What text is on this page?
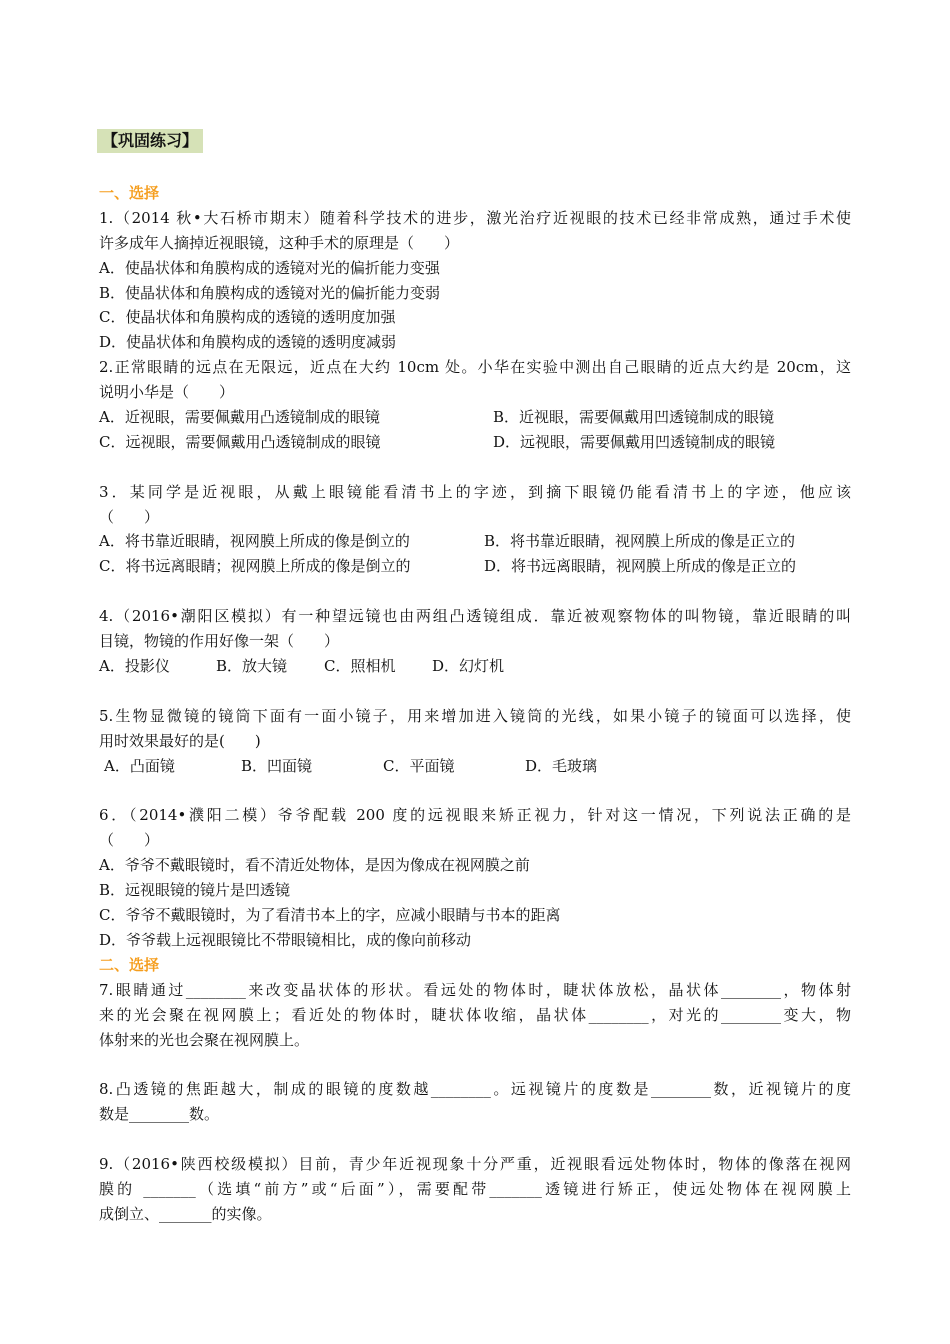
【巩固练习】
一、选择
1.（2014 秋•大石桥市期末）随着科学技术的进步，激光治疗近视眼的技术已经非常成熟，通过手术使
许多成年人摘掉近视眼镜，这种手术的原理是（　　）
A．使晶状体和角膜构成的透镜对光的偏折能力变强
B．使晶状体和角膜构成的透镜对光的偏折能力变弱
C．使晶状体和角膜构成的透镜的透明度加强
D．使晶状体和角膜构成的透镜的透明度减弱
2.正常眼睛的远点在无限远，近点在大约 10cm 处。小华在实验中测出自己眼睛的近点大约是 20cm，这
说明小华是（　　）
A．近视眼，需要佩戴用凸透镜制成的眼镜	B．近视眼，需要佩戴用凹透镜制成的眼镜
C．远视眼，需要佩戴用凸透镜制成的眼镜	D．远视眼，需要佩戴用凹透镜制成的眼镜
3．某同学是近视眼，从戴上眼镜能看清书上的字迹，到摘下眼镜仍能看清书上的字迹，他应该
（　　）
A．将书靠近眼睛，视网膜上所成的像是倒立的	B．将书靠近眼睛，视网膜上所成的像是正立的
C．将书远离眼睛；视网膜上所成的像是倒立的	D．将书远离眼睛，视网膜上所成的像是正立的
4.（2016•潮阳区模拟）有一种望远镜也由两组凸透镜组成．靠近被观察物体的叫物镜，靠近眼睛的叫
目镜，物镜的作用好像一架（　　）
A．投影仪	B．放大镜 C．照相机 D．幻灯机
5.生物显微镜的镜筒下面有一面小镜子，用来增加进入镜筒的光线，如果小镜子的镜面可以选择，使
用时效果最好的是(　　)
A．凸面镜	B．凹面镜	C．平面镜	D．毛玻璃
6．（2014•濮阳二模）爷爷配载 200 度的远视眼来矫正视力，针对这一情况，下列说法正确的是
（　　）
A．爷爷不戴眼镜时，看不清近处物体，是因为像成在视网膜之前
B．远视眼镜的镜片是凹透镜
C．爷爷不戴眼镜时，为了看清书本上的字，应减小眼睛与书本的距离
D．爷爷载上远视眼镜比不带眼镜相比，成的像向前移动
二、选择
7.眼睛通过________来改变晶状体的形状。看远处的物体时，睫状体放松，晶状体________，物体射
来的光会聚在视网膜上；看近处的物体时，睫状体收缩，晶状体________，对光的________变大，物
体射来的光也会聚在视网膜上。
8.凸透镜的焦距越大，制成的眼镜的度数越________。远视镜片的度数是________数，近视镜片的度
数是________数。
9.（2016•陕西校级模拟）目前，青少年近视现象十分严重，近视眼看远处物体时，物体的像落在视网
膜的 _______（选填“前方”或“后面”），需要配带_______透镜进行矫正，使远处物体在视网膜上
成倒立、_______的实像。
